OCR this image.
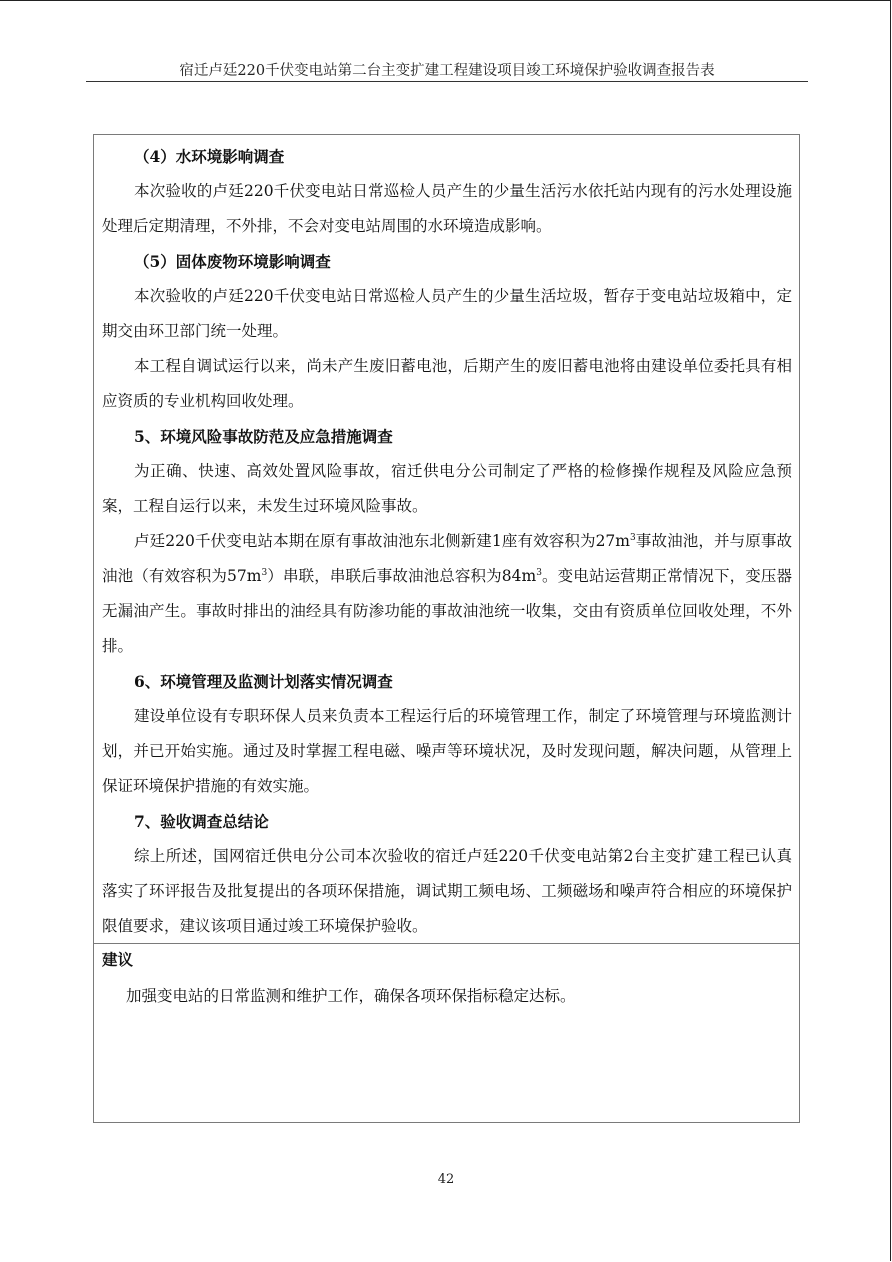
宿迁卢廷220千伏变电站第二台主变扩建工程建设项目竣工环境保护验收调查报告表

（4）水环境影响调查

本次验收的卢廷220千伏变电站日常巡检人员产生的少量生活污水依托站内现有的污水处理设施处理后定期清理，不外排，不会对变电站周围的水环境造成影响。

（5）固体废物环境影响调查

本次验收的卢廷220千伏变电站日常巡检人员产生的少量生活垃圾，暂存于变电站垃圾箱中，定期交由环卫部门统一处理。

本工程自调试运行以来，尚未产生废旧蓄电池，后期产生的废旧蓄电池将由建设单位委托具有相应资质的专业机构回收处理。

5、环境风险事故防范及应急措施调查

为正确、快速、高效处置风险事故，宿迁供电分公司制定了严格的检修操作规程及风险应急预案，工程自运行以来，未发生过环境风险事故。

卢廷220千伏变电站本期在原有事故油池东北侧新建1座有效容积为$27m^3$事故油池，并与原事故油池（有效容积为$57m^3$）串联，串联后事故油池总容积为$84m^3$。变电站运营期正常情况下，变压器无漏油产生。事故时排出的油经具有防渗功能的事故油池统一收集，交由有资质单位回收处理，不外排。

6、环境管理及监测计划落实情况调查

建设单位设有专职环保人员来负责本工程运行后的环境管理工作，制定了环境管理与环境监测计划，并已开始实施。通过及时掌握工程电磁、噪声等环境状况，及时发现问题，解决问题，从管理上保证环境保护措施的有效实施。

7、验收调查总结论

综上所述，国网宿迁供电分公司本次验收的宿迁卢廷220千伏变电站第2台主变扩建工程已认真落实了环评报告及批复提出的各项环保措施，调试期工频电场、工频磁场和噪声符合相应的环境保护限值要求，建议该项目通过竣工环境保护验收。

建议
加强变电站的日常监测和维护工作，确保各项环保指标稳定达标。
42
